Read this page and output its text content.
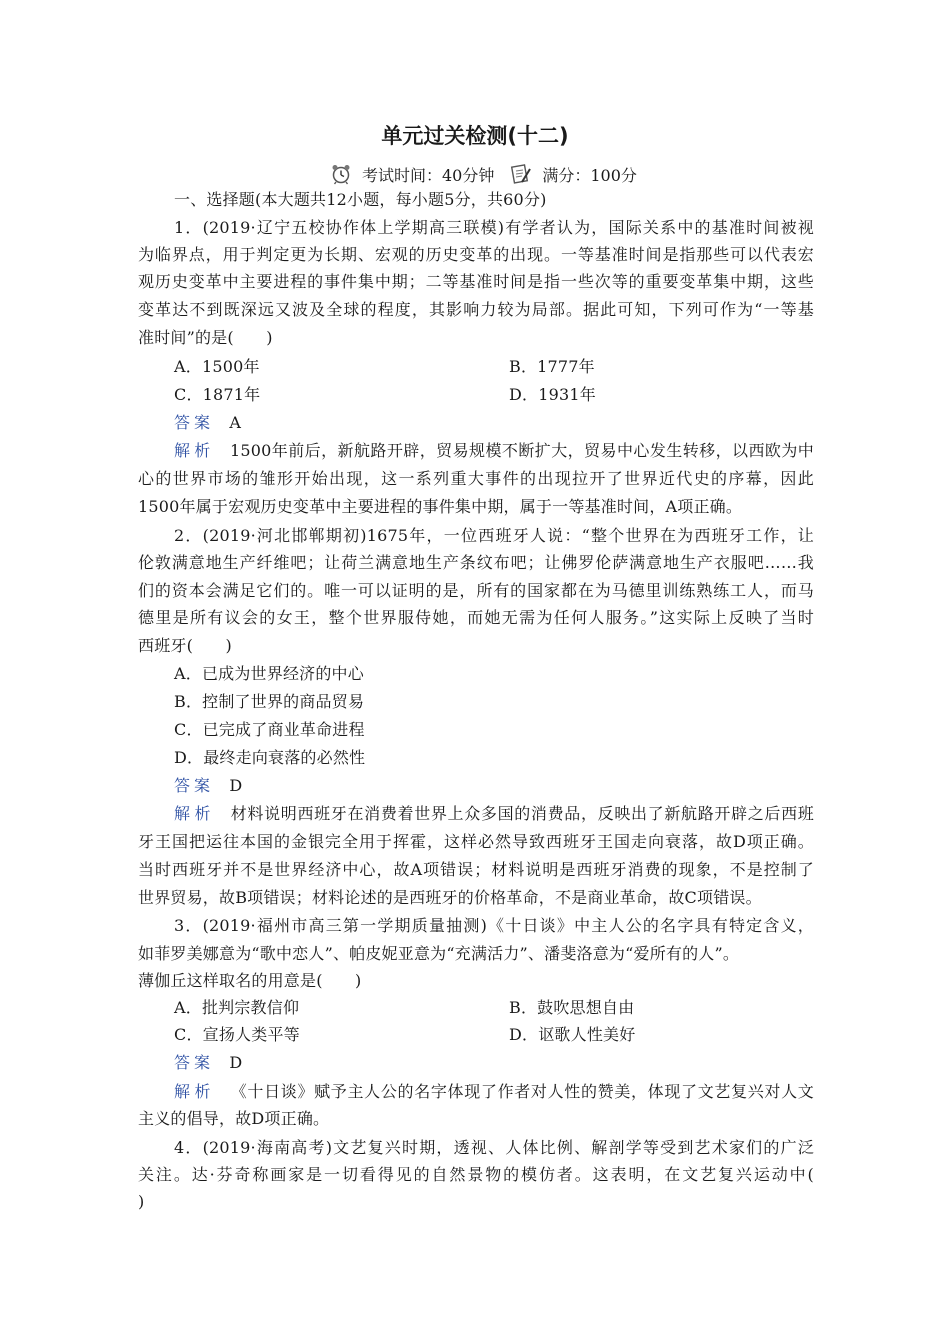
单元过关检测(十二)
考试时间：40分钟	满分：100分
一、选择题(本大题共12小题，每小题5分，共60分)
1．(2019·辽宁五校协作体上学期高三联模)有学者认为，国际关系中的基准时间被视
为临界点，用于判定更为长期、宏观的历史变革的出现。一等基准时间是指那些可以代表宏
观历史变革中主要进程的事件集中期；二等基准时间是指一些次等的重要变革集中期，这些
变革达不到既深远又波及全球的程度，其影响力较为局部。据此可知，下列可作为“一等基
准时间”的是(　　)
A．1500年	B．1777年
C．1871年	D．1931年
答案 A
解析 1500年前后，新航路开辟，贸易规模不断扩大，贸易中心发生转移，以西欧为中
心的世界市场的雏形开始出现，这一系列重大事件的出现拉开了世界近代史的序幕，因此
1500年属于宏观历史变革中主要进程的事件集中期，属于一等基准时间，A项正确。
2．(2019·河北邯郸期初)1675年，一位西班牙人说：“整个世界在为西班牙工作，让
伦敦满意地生产纤维吧；让荷兰满意地生产条纹布吧；让佛罗伦萨满意地生产衣服吧……我
们的资本会满足它们的。唯一可以证明的是，所有的国家都在为马德里训练熟练工人，而马
德里是所有议会的女王，整个世界服侍她，而她无需为任何人服务。”这实际上反映了当时
西班牙(　　)
A．已成为世界经济的中心
B．控制了世界的商品贸易
C．已完成了商业革命进程
D．最终走向衰落的必然性
答案 D
解析 材料说明西班牙在消费着世界上众多国的消费品，反映出了新航路开辟之后西班
牙王国把运往本国的金银完全用于挥霍，这样必然导致西班牙王国走向衰落，故D项正确。
当时西班牙并不是世界经济中心，故A项错误；材料说明是西班牙消费的现象，不是控制了
世界贸易，故B项错误；材料论述的是西班牙的价格革命，不是商业革命，故C项错误。
3．(2019·福州市高三第一学期质量抽测)《十日谈》中主人公的名字具有特定含义，
如菲罗美娜意为“歌中恋人”、帕皮妮亚意为“充满活力”、潘斐洛意为“爱所有的人”。
薄伽丘这样取名的用意是(　　)
A．批判宗教信仰	B．鼓吹思想自由
C．宣扬人类平等	D．讴歌人性美好
答案 D
解析 《十日谈》赋予主人公的名字体现了作者对人性的赞美，体现了文艺复兴对人文
主义的倡导，故D项正确。
4．(2019·海南高考)文艺复兴时期，透视、人体比例、解剖学等受到艺术家们的广泛
关注。达·芬奇称画家是一切看得见的自然景物的模仿者。这表明，在文艺复兴运动中(
)
